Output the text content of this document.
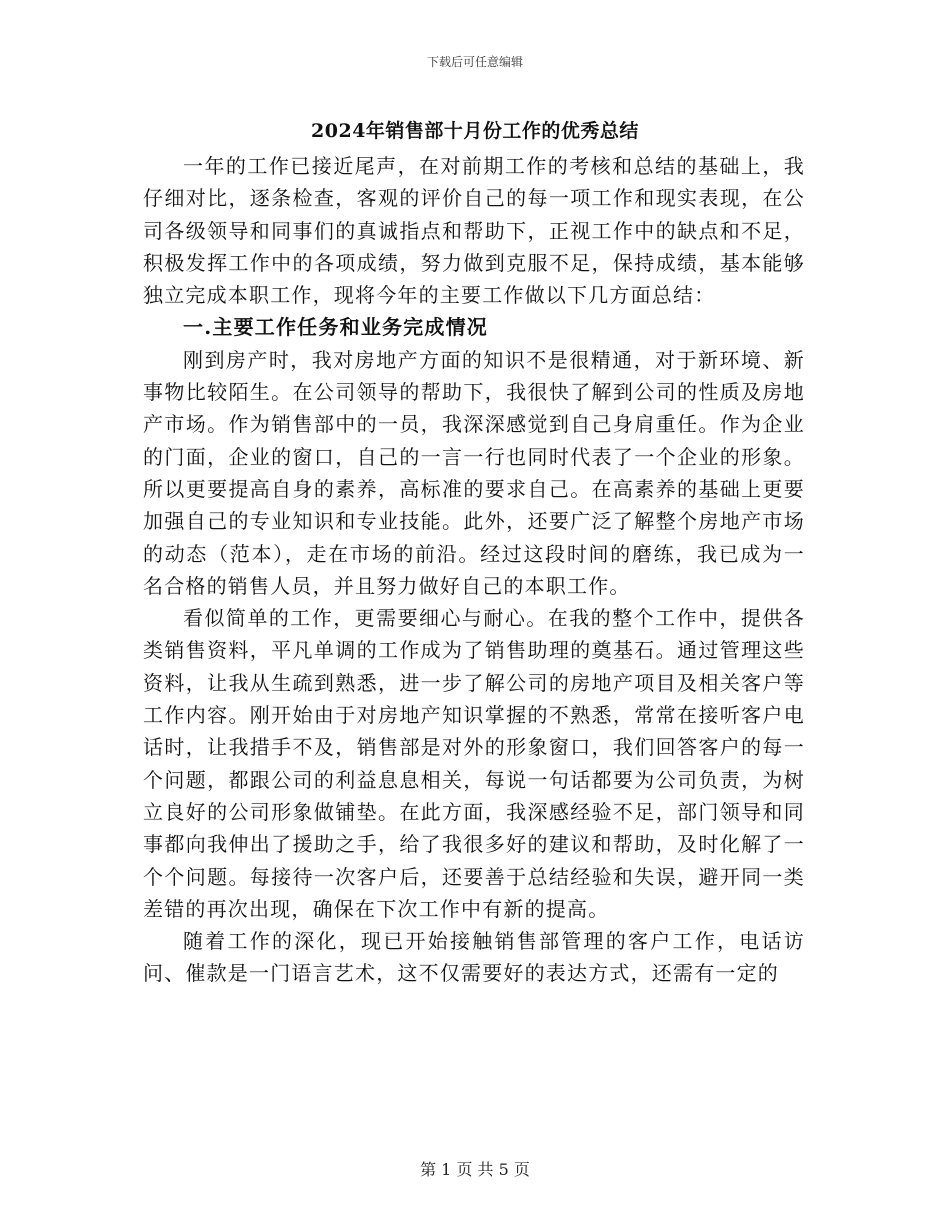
下载后可任意编辑
2024年销售部十月份工作的优秀总结

一年的工作已接近尾声，在对前期工作的考核和总结的基础上，我仔细对比，逐条检查，客观的评价自己的每一项工作和现实表现，在公司各级领导和同事们的真诚指点和帮助下，正视工作中的缺点和不足，积极发挥工作中的各项成绩，努力做到克服不足，保持成绩，基本能够独立完成本职工作，现将今年的主要工作做以下几方面总结：

一.主要工作任务和业务完成情况

刚到房产时，我对房地产方面的知识不是很精通，对于新环境、新事物比较陌生。在公司领导的帮助下，我很快了解到公司的性质及房地产市场。作为销售部中的一员，我深深感觉到自己身肩重任。作为企业的门面，企业的窗口，自己的一言一行也同时代表了一个企业的形象。所以更要提高自身的素养，高标准的要求自己。在高素养的基础上更要加强自己的专业知识和专业技能。此外，还要广泛了解整个房地产市场的动态（范本），走在市场的前沿。经过这段时间的磨练，我已成为一名合格的销售人员，并且努力做好自己的本职工作。

看似简单的工作，更需要细心与耐心。在我的整个工作中，提供各类销售资料，平凡单调的工作成为了销售助理的奠基石。通过管理这些资料，让我从生疏到熟悉，进一步了解公司的房地产项目及相关客户等工作内容。刚开始由于对房地产知识掌握的不熟悉，常常在接听客户电话时，让我措手不及，销售部是对外的形象窗口，我们回答客户的每一个问题，都跟公司的利益息息相关，每说一句话都要为公司负责，为树立良好的公司形象做铺垫。在此方面，我深感经验不足，部门领导和同事都向我伸出了援助之手，给了我很多好的建议和帮助，及时化解了一个个问题。每接待一次客户后，还要善于总结经验和失误，避开同一类差错的再次出现，确保在下次工作中有新的提高。

随着工作的深化，现已开始接触销售部管理的客户工作，电话访问、催款是一门语言艺术，这不仅需要好的表达方式，还需有一定的

第 1 页 共 5 页
